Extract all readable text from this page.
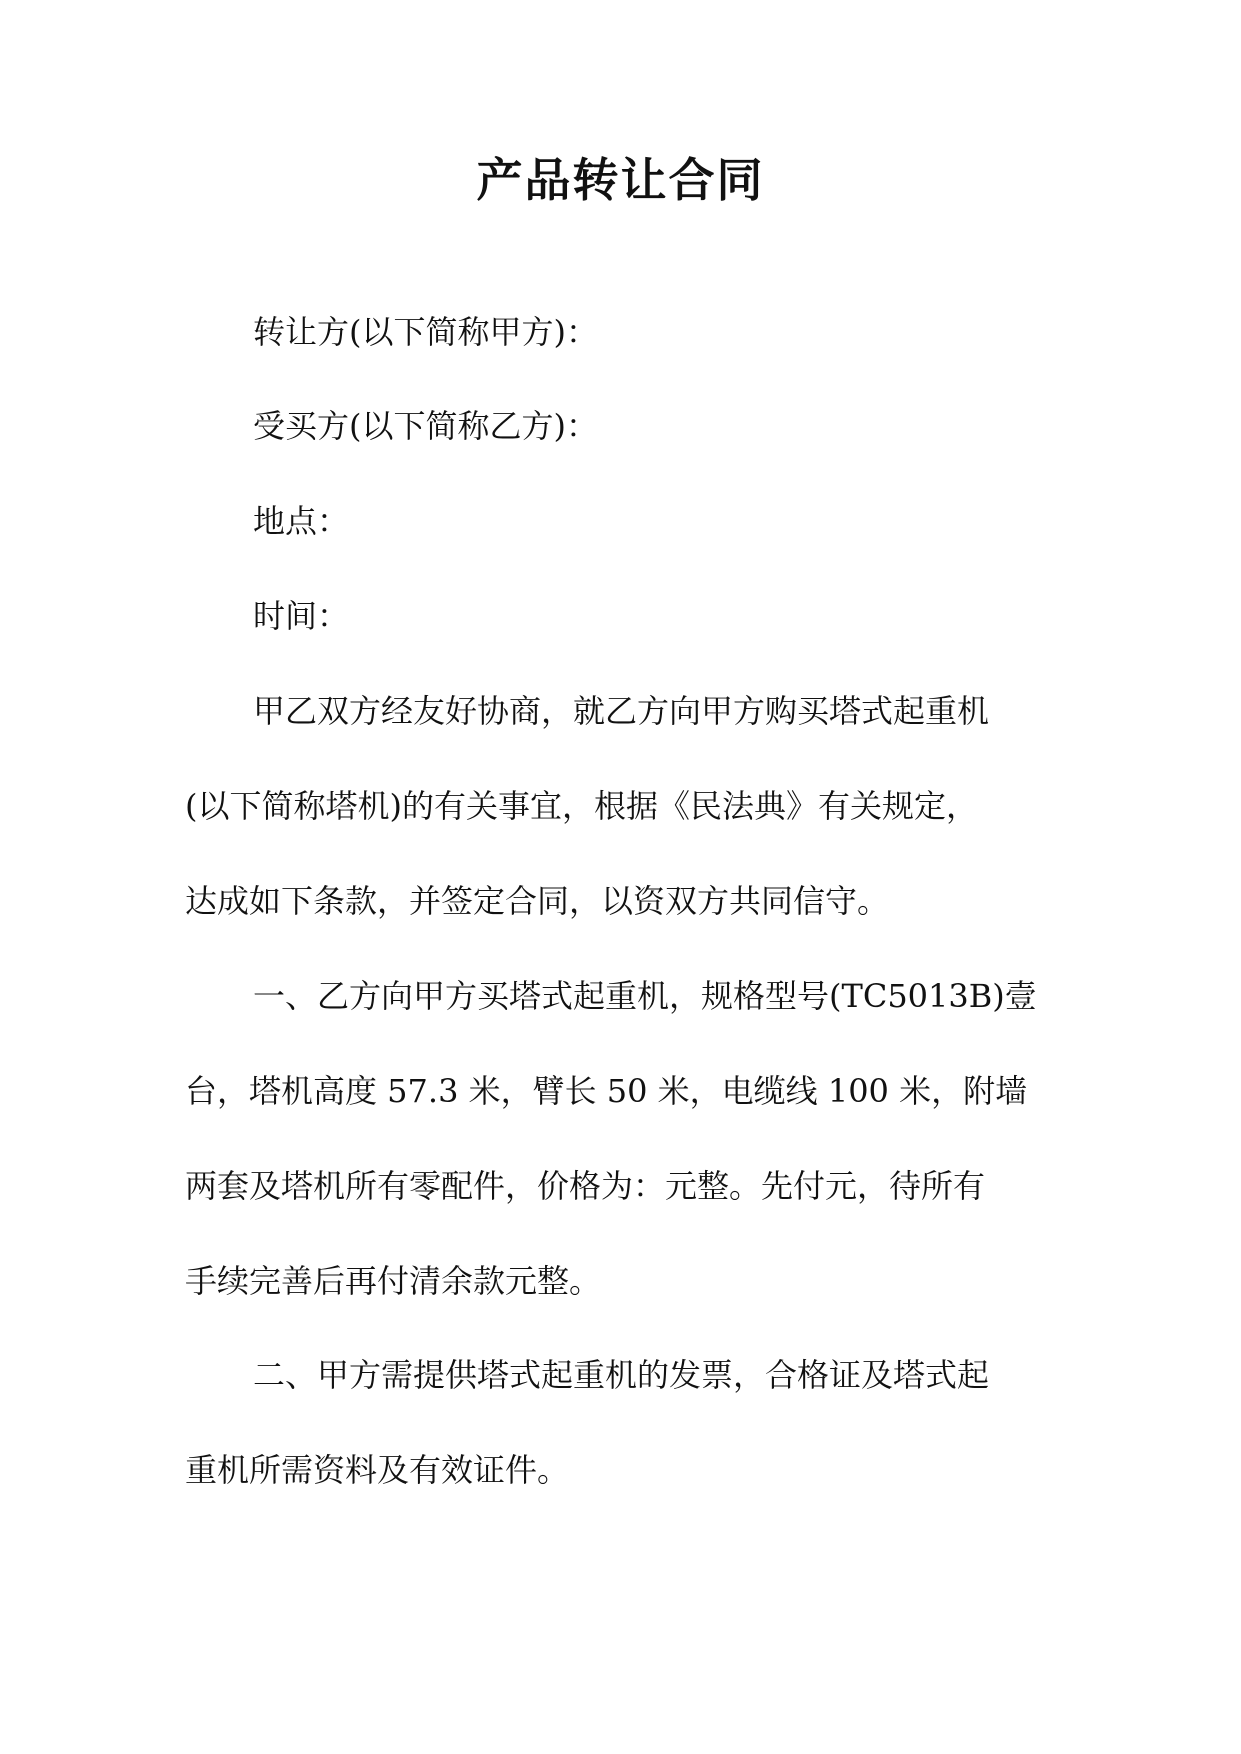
产品转让合同
转让方(以下简称甲方)：
受买方(以下简称乙方)：
地点：
时间：
甲乙双方经友好协商，就乙方向甲方购买塔式起重机
(以下简称塔机)的有关事宜，根据《民法典》有关规定，
达成如下条款，并签定合同，以资双方共同信守。
一、乙方向甲方买塔式起重机，规格型号(TC5013B)壹
台，塔机高度 57.3 米，臂长 50 米，电缆线 100 米，附墙
两套及塔机所有零配件，价格为：元整。先付元，待所有
手续完善后再付清余款元整。
二、甲方需提供塔式起重机的发票，合格证及塔式起
重机所需资料及有效证件。
